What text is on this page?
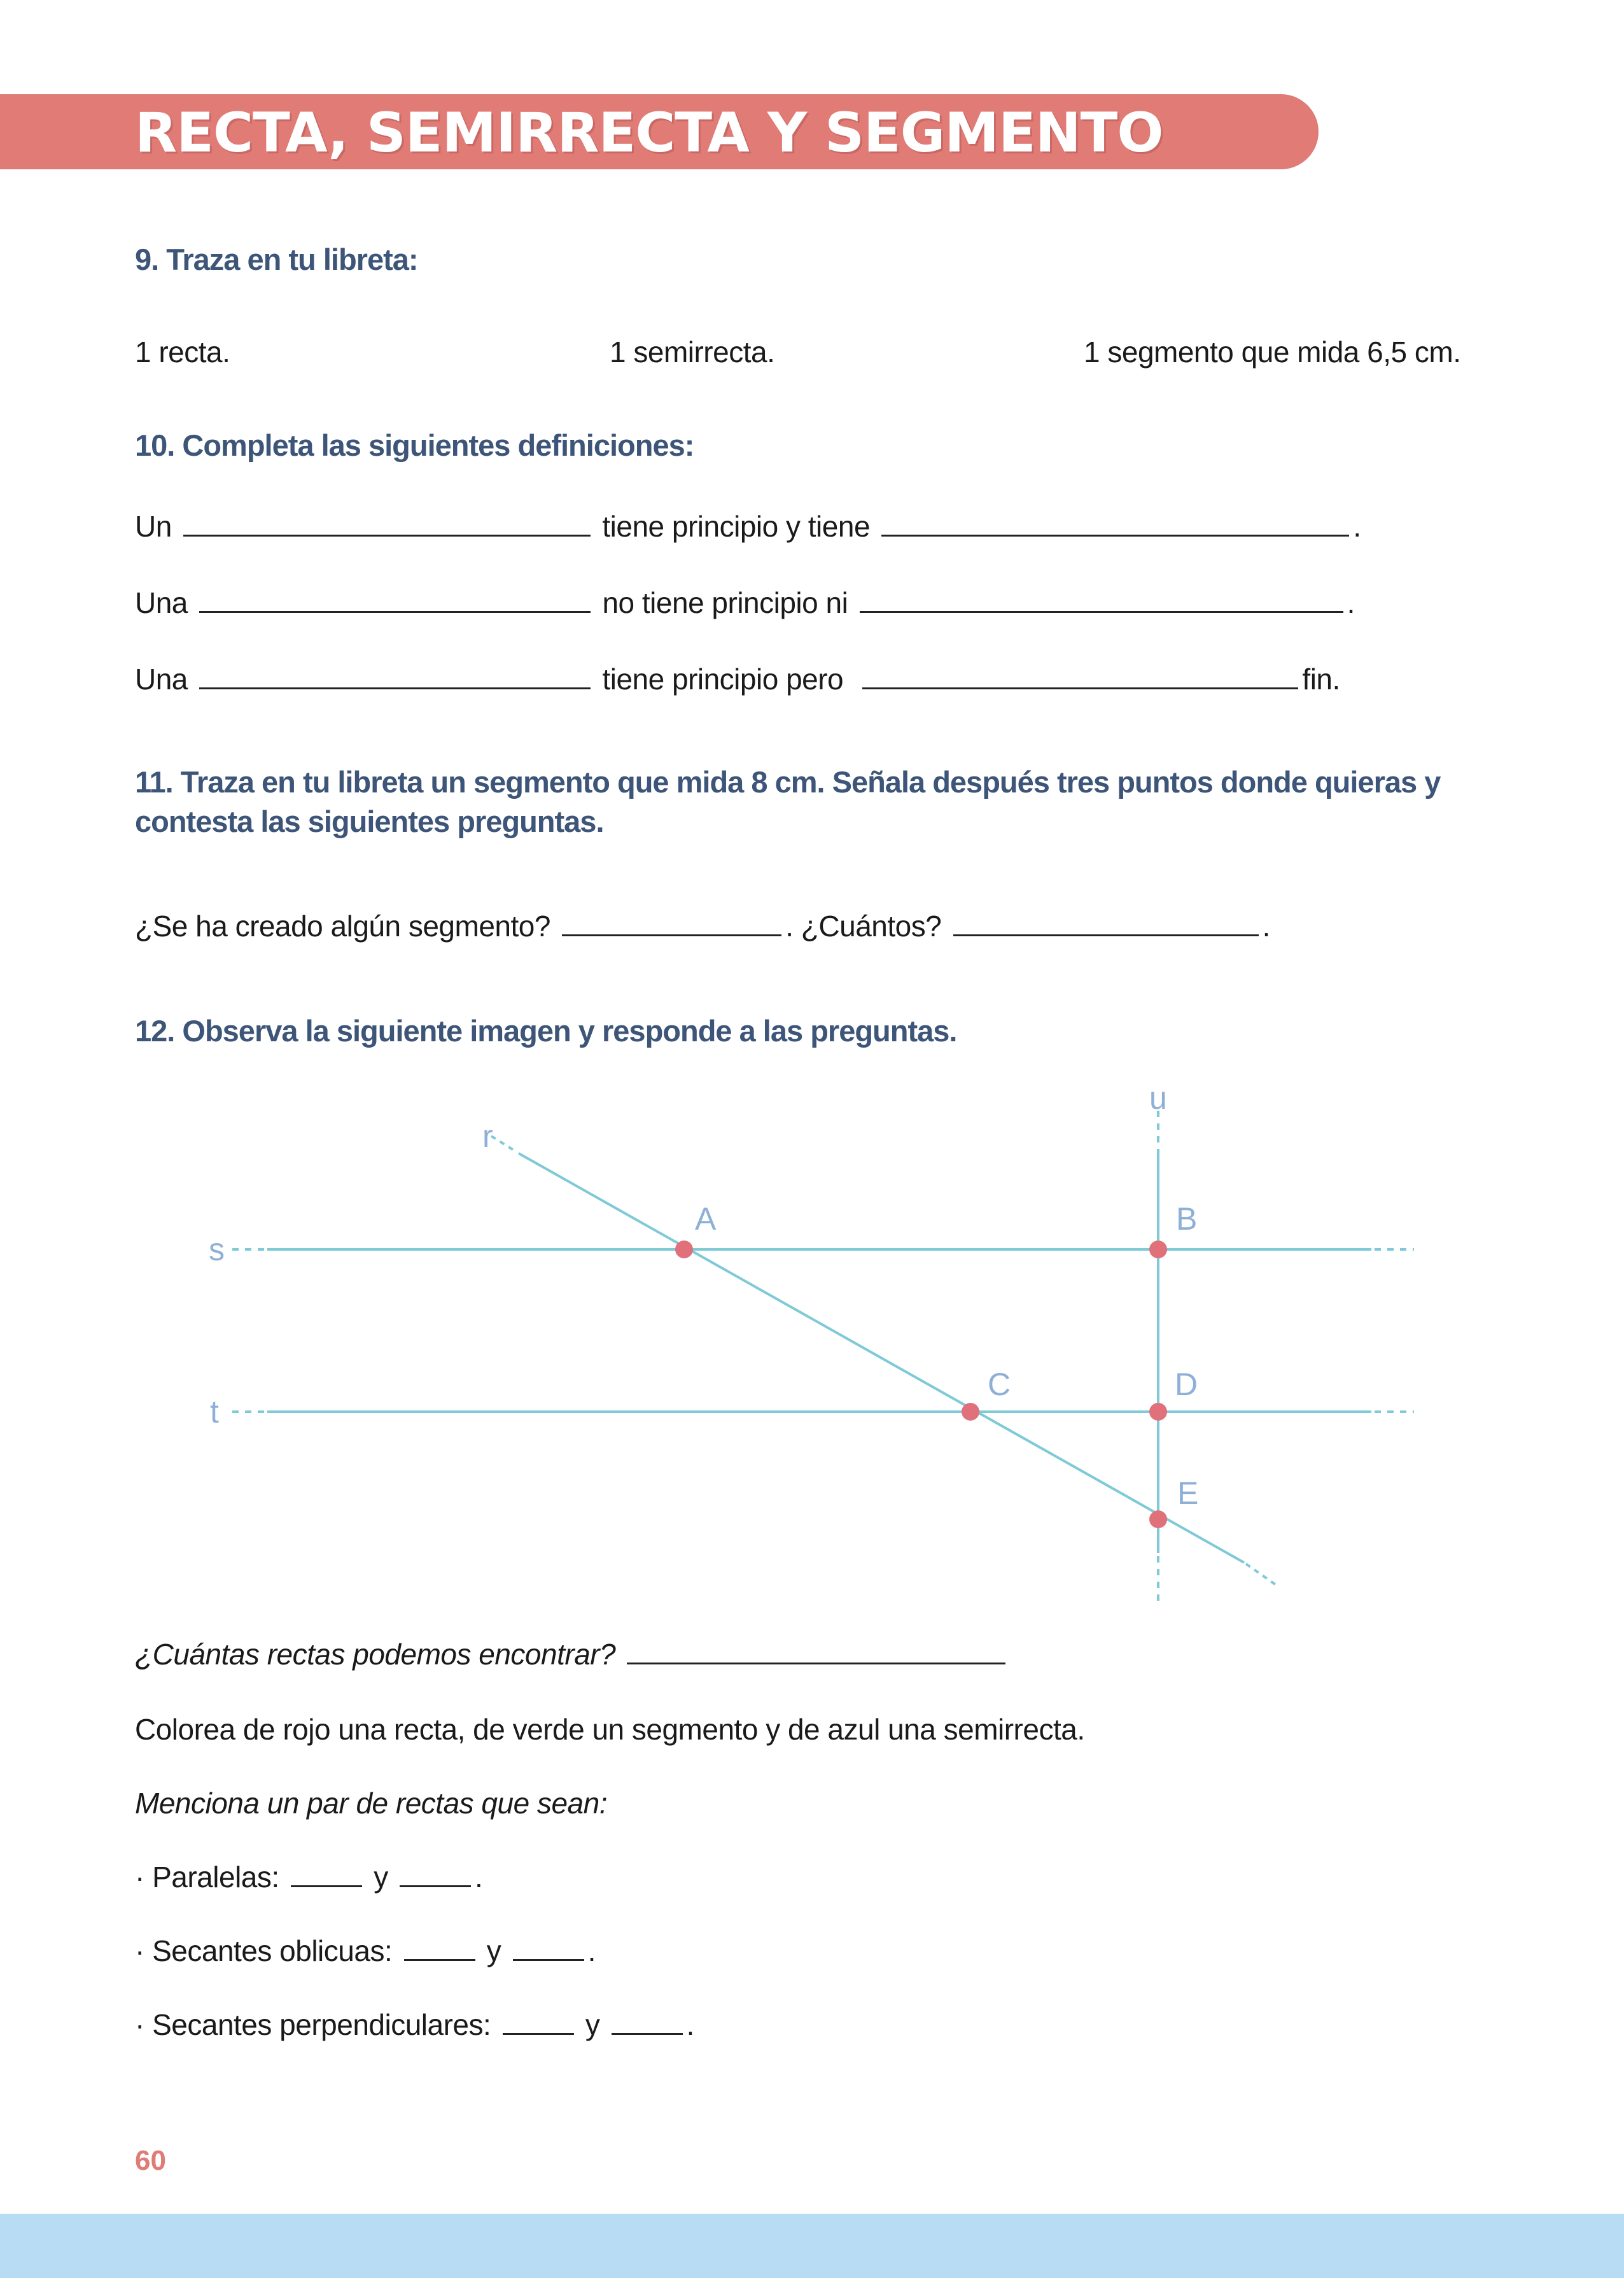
RECTA, SEMIRRECTA Y SEGMENTO
9. Traza en tu libreta:
1 recta.	1 semirrecta.	1 segmento que mida 6,5 cm.
10. Completa las siguientes definiciones:
Un	tiene principio y tiene	.
Una	no tiene principio ni	.
Una	tiene principio pero	fin.
11. Traza en tu libreta un segmento que mida 8 cm. Señala después tres puntos donde quieras y contesta las siguientes preguntas.
¿Se ha creado algún segmento?	. ¿Cuántos?	.
12. Observa la siguiente imagen y responde a las preguntas.
r
s
t
u
A	B
C	D
E
¿Cuántas rectas podemos encontrar?
Colorea de rojo una recta, de verde un segmento y de azul una semirrecta.
Menciona un par de rectas que sean:
· Paralelas:	y	.
· Secantes oblicuas:	y	.
· Secantes perpendiculares:	y	.
60
